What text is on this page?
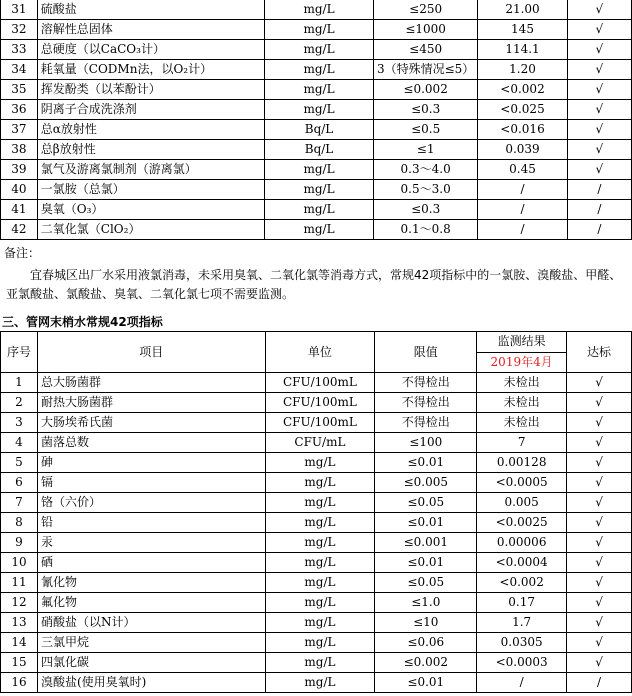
31	硫酸盐	mg/L	≤250	21.00	√
32	溶解性总固体	mg/L	≤1000	145	√
33	总硬度（以CaCO₃计）	mg/L	≤450	114.1	√
34	耗氧量（CODMn法，以O₂计）	mg/L	3（特殊情况≤5）	1.20	√
35	挥发酚类（以苯酚计）	mg/L	≤0.002	<0.002	√
36	阴离子合成洗涤剂	mg/L	≤0.3	<0.025	√
37	总α放射性	Bq/L	≤0.5	<0.016	√
38	总β放射性	Bq/L	≤1	0.039	√
39	氯气及游离氯制剂（游离氯）	mg/L	0.3～4.0	0.45	√
40	一氯胺（总氯）	mg/L	0.5～3.0	/	/
41	臭氧（O₃）	mg/L	≤0.3	/	/
42	二氧化氯（ClO₂）	mg/L	0.1～0.8	/	/
备注：
宜春城区出厂水采用液氯消毒，未采用臭氧、二氧化氯等消毒方式，常规42项指标中的一氯胺、溴酸盐、甲醛、亚氯酸盐、氯酸盐、臭氧、二氧化氯七项不需要监测。
三、管网末梢水常规42项指标
序号	项目	单位	限值	监测结果	达标
				2019年4月	
1	总大肠菌群	CFU/100mL	不得检出	未检出	√
2	耐热大肠菌群	CFU/100mL	不得检出	未检出	√
3	大肠埃希氏菌	CFU/100mL	不得检出	未检出	√
4	菌落总数	CFU/mL	≤100	7	√
5	砷	mg/L	≤0.01	0.00128	√
6	镉	mg/L	≤0.005	<0.0005	√
7	铬（六价）	mg/L	≤0.05	0.005	√
8	铅	mg/L	≤0.01	<0.0025	√
9	汞	mg/L	≤0.001	0.00006	√
10	硒	mg/L	≤0.01	<0.0004	√
11	氰化物	mg/L	≤0.05	<0.002	√
12	氟化物	mg/L	≤1.0	0.17	√
13	硝酸盐（以N计）	mg/L	≤10	1.7	√
14	三氯甲烷	mg/L	≤0.06	0.0305	√
15	四氯化碳	mg/L	≤0.002	<0.0003	√
16	溴酸盐(使用臭氧时)	mg/L	≤0.01	/	/
